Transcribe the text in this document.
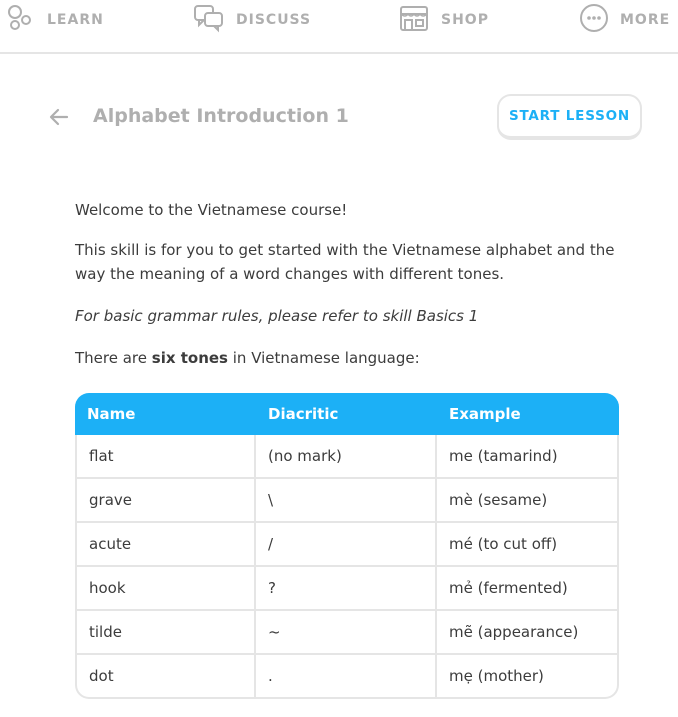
LEARN	DISCUSS	SHOP	MORE
Alphabet Introduction 1	START LESSON

Welcome to the Vietnamese course!

This skill is for you to get started with the Vietnamese alphabet and the way the meaning of a word changes with different tones.

For basic grammar rules, please refer to skill Basics 1

There are six tones in Vietnamese language:

Name	Diacritic	Example
flat	(no mark)	me (tamarind)
grave	\	mè (sesame)
acute	/	mé (to cut off)
hook	?	mẻ (fermented)
tilde	~	mẽ (appearance)
dot	.	mẹ (mother)
